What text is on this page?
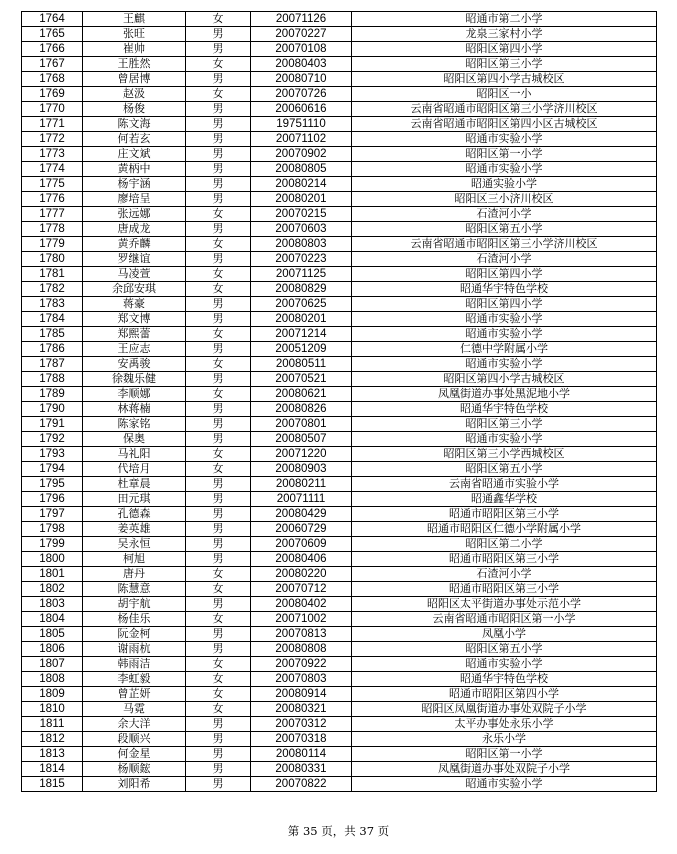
1764	王麒	女	20071126	昭通市第二小学
1765	张旺	男	20070227	龙泉三家村小学
1766	崔帅	男	20070108	昭阳区第四小学
1767	王胜然	女	20080403	昭阳区第三小学
1768	曾居博	男	20080710	昭阳区第四小学古城校区
1769	赵汲	女	20070726	昭阳区一小
1770	杨俊	男	20060616	云南省昭通市昭阳区第三小学济川校区
1771	陈文海	男	19751110	云南省昭通市昭阳区第四小区古城校区
1772	何若玄	男	20071102	昭通市实验小学
1773	庄文斌	男	20070902	昭阳区第一小学
1774	黄柄中	男	20080805	昭通市实验小学
1775	杨宇涵	男	20080214	昭通实验小学
1776	廖培呈	男	20080201	昭阳区三小济川校区
1777	张远娜	女	20070215	石渣河小学
1778	唐成龙	男	20070603	昭阳区第五小学
1779	黄乔麟	女	20080803	云南省昭通市昭阳区第三小学济川校区
1780	罗继谊	男	20070223	石渣河小学
1781	马凌萱	女	20071125	昭阳区第四小学
1782	余邱安琪	女	20080829	昭通华宇特色学校
1783	蒋豪	男	20070625	昭阳区第四小学
1784	郑文博	男	20080201	昭通市实验小学
1785	郑熙蕾	女	20071214	昭通市实验小学
1786	王应志	男	20051209	仁德中学附属小学
1787	安禹骏	女	20080511	昭通市实验小学
1788	徐魏乐健	男	20070521	昭阳区第四小学古城校区
1789	李顺娜	女	20080621	凤凰街道办事处黑泥地小学
1790	林蒋楠	男	20080826	昭通华宇特色学校
1791	陈家铭	男	20070801	昭阳区第三小学
1792	保奥	男	20080507	昭通市实验小学
1793	马礼阳	女	20071220	昭阳区第三小学西城校区
1794	代培月	女	20080903	昭阳区第五小学
1795	杜章晨	男	20080211	云南省昭通市实验小学
1796	田元琪	男	20071111	昭通鑫华学校
1797	孔德森	男	20080429	昭通市昭阳区第三小学
1798	姜英雄	男	20060729	昭通市昭阳区仁德小学附属小学
1799	吴永恒	男	20070609	昭阳区第二小学
1800	柯旭	男	20080406	昭通市昭阳区第三小学
1801	唐丹	女	20080220	石渣河小学
1802	陈慧意	女	20070712	昭通市昭阳区第三小学
1803	胡宇航	男	20080402	昭阳区太平街道办事处示范小学
1804	杨佳乐	女	20071002	云南省昭通市昭阳区第一小学
1805	阮金柯	男	20070813	凤凰小学
1806	谢雨杭	男	20080808	昭阳区第五小学
1807	韩雨洁	女	20070922	昭通市实验小学
1808	李虹毅	女	20070803	昭通华宇特色学校
1809	曾芷妍	女	20080914	昭通市昭阳区第四小学
1810	马霓	女	20080321	昭阳区凤凰街道办事处双院子小学
1811	余大洋	男	20070312	太平办事处永乐小学
1812	段顺兴	男	20070318	永乐小学
1813	何金星	男	20080114	昭阳区第一小学
1814	杨顺鋐	男	20080331	凤凰街道办事处双院子小学
1815	刘阳希	男	20070822	昭通市实验小学
第 35 页，共 37 页
